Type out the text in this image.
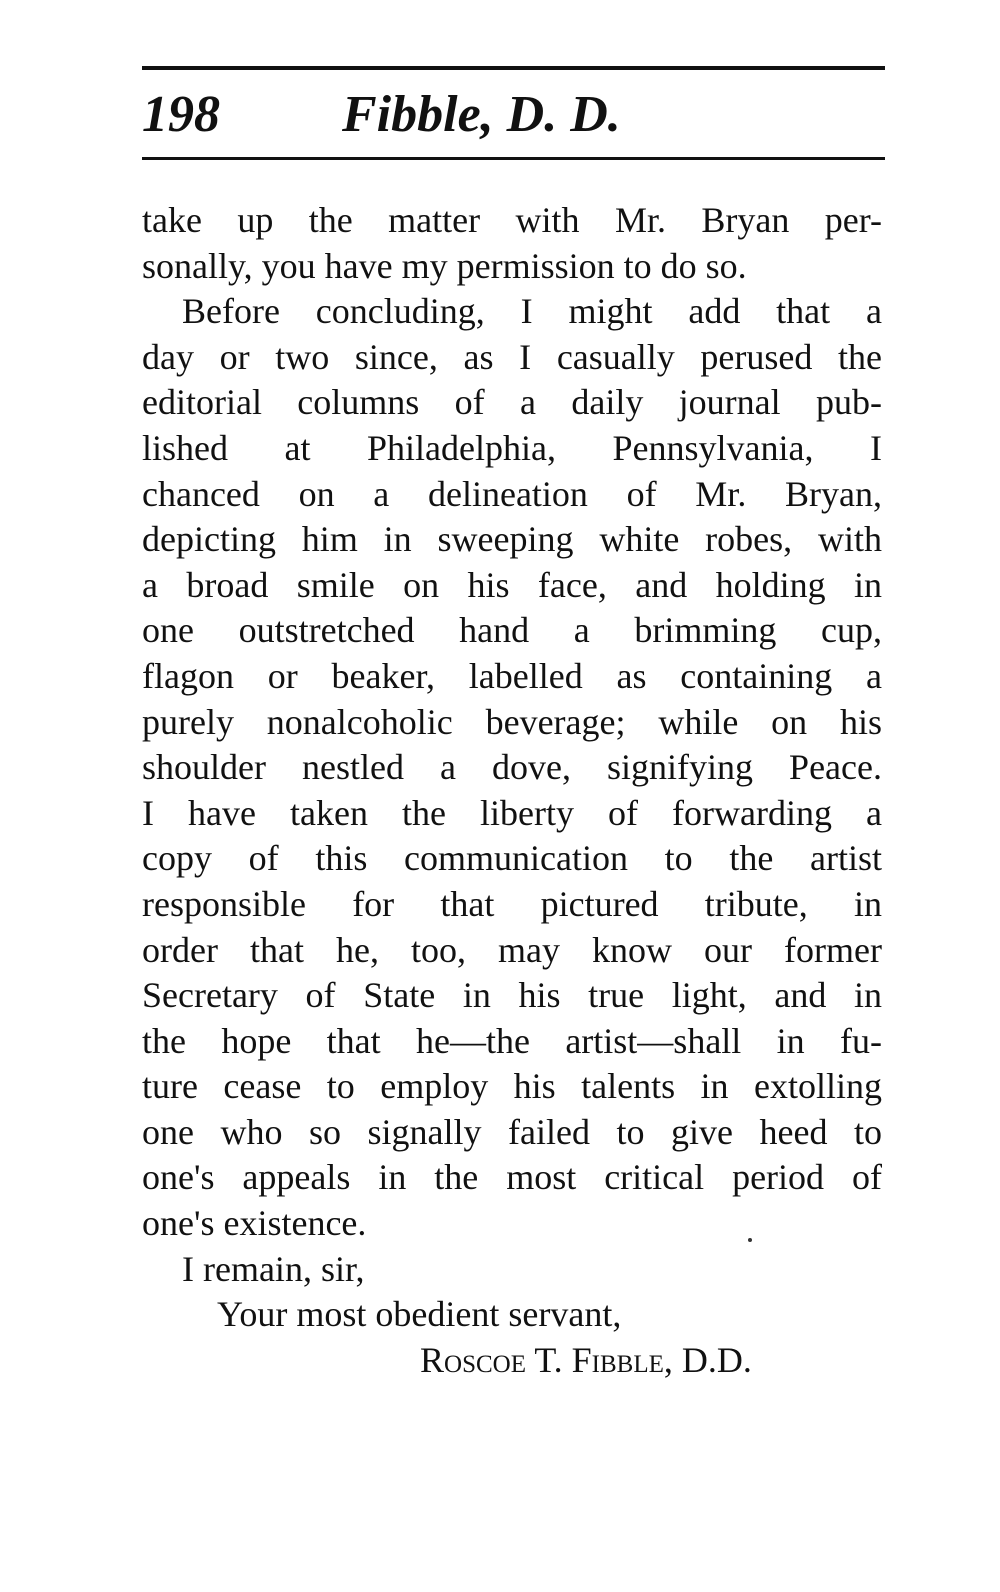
198 Fibble, D. D.
take up the matter with Mr. Bryan per-
sonally, you have my permission to do so.
Before concluding, I might add that a
day or two since, as I casually perused the
editorial columns of a daily journal pub-
lished at Philadelphia, Pennsylvania, I
chanced on a delineation of Mr. Bryan,
depicting him in sweeping white robes, with
a broad smile on his face, and holding in
one outstretched hand a brimming cup,
flagon or beaker, labelled as containing a
purely nonalcoholic beverage; while on his
shoulder nestled a dove, signifying Peace.
I have taken the liberty of forwarding a
copy of this communication to the artist
responsible for that pictured tribute, in
order that he, too, may know our former
Secretary of State in his true light, and in
the hope that he—the artist—shall in fu-
ture cease to employ his talents in extolling
one who so signally failed to give heed to
one's appeals in the most critical period of
one's existence.
I remain, sir,
Your most obedient servant,
Roscoe T. Fibble, D.D.
